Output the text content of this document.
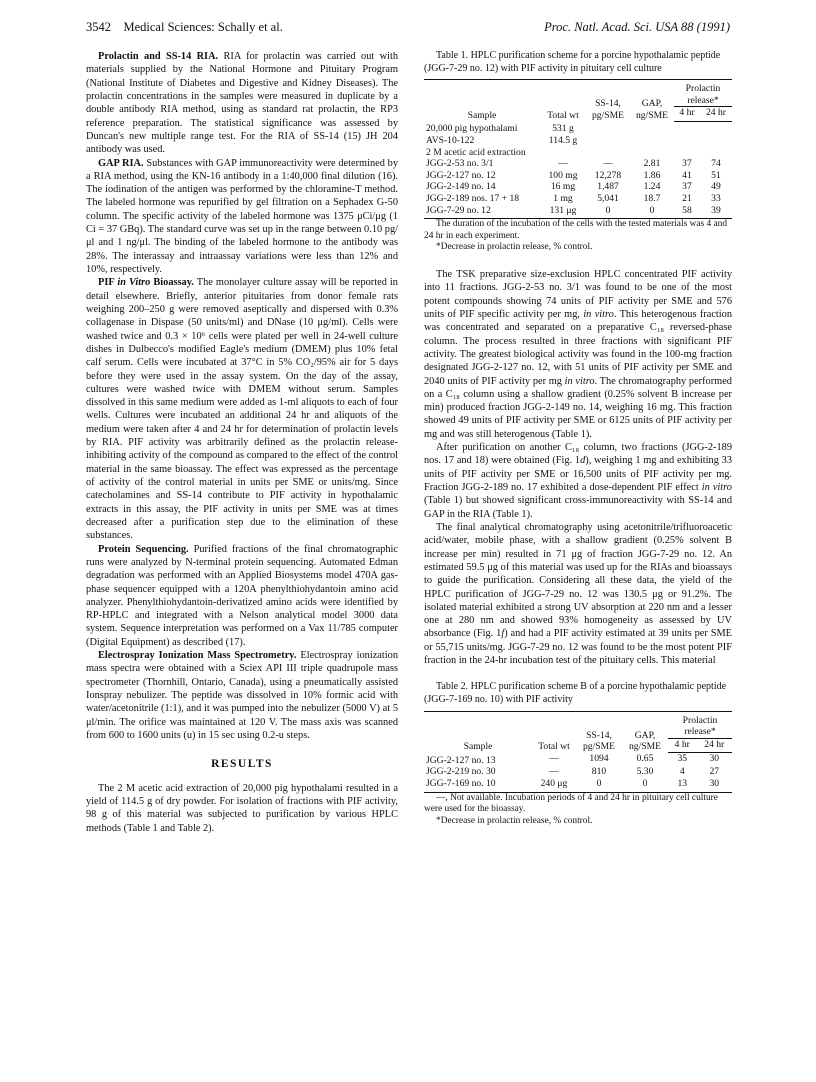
3542    Medical Sciences: Schally et al.	Proc. Natl. Acad. Sci. USA 88 (1991)

Prolactin and SS-14 RIA. RIA for prolactin was carried out with materials supplied by the National Hormone and Pituitary Program (National Institute of Diabetes and Digestive and Kidney Diseases). The prolactin concentrations in the samples were measured in duplicate by a double antibody RIA method, using as standard rat prolactin, the RP3 reference preparation. The statistical significance was assessed by Duncan's new multiple range test. For the RIA of SS-14 (15) JH 204 antibody was used.

GAP RIA. Substances with GAP immunoreactivity were determined by a RIA method, using the KN-16 antibody in a 1:40,000 final dilution (16). The iodination of the antigen was performed by the chloramine-T method. The labeled hormone was repurified by gel filtration on a Sephadex G-50 column. The specific activity of the labeled hormone was 1375 μCi/μg (1 Ci = 37 GBq). The standard curve was set up in the range between 0.10 pg/μl and 1 ng/μl. The binding of the labeled hormone to the antibody was 28%. The interassay and intraassay variations were less than 12% and 10%, respectively.

PIF in Vitro Bioassay. The monolayer culture assay will be reported in detail elsewhere. Briefly, anterior pituitaries from donor female rats weighing 200–250 g were removed aseptically and dispersed with 0.3% collagenase in Dispase (50 units/ml) and DNase (10 μg/ml). Cells were washed twice and 0.3 × 10⁶ cells were plated per well in 24-well culture dishes in Dulbecco's modified Eagle's medium (DMEM) plus 10% fetal calf serum. Cells were incubated at 37°C in 5% CO₂/95% air for 5 days before they were used in the assay system. On the day of the assay, cultures were washed twice with DMEM without serum. Samples dissolved in this same medium were added as 1-ml aliquots to each of four wells. Cultures were incubated an additional 24 hr and aliquots of the medium were taken after 4 and 24 hr for determination of prolactin levels by RIA. PIF activity was arbitrarily defined as the prolactin release-inhibiting activity of the compound as compared to the effect of the control material in the same bioassay. The effect was expressed as the percentage of activity of the control material in units per SME or units/mg. Since catecholamines and SS-14 contribute to PIF activity in hypothalamic extracts in this assay, the PIF activity in units per SME was at times decreased after a purification step due to the elimination of these substances.

Protein Sequencing. Purified fractions of the final chromatographic runs were analyzed by N-terminal protein sequencing. Automated Edman degradation was performed with an Applied Biosystems model 470A gas-phase sequencer equipped with a 120A phenylthiohydantoin amino acid analyzer. Phenylthiohydantoin-derivatized amino acids were identified by RP-HPLC and integrated with a Nelson analytical model 3000 data system. Sequence interpretation was performed on a Vax 11/785 computer (Digital Equipment) as described (17).

Electrospray Ionization Mass Spectrometry. Electrospray ionization mass spectra were obtained with a Sciex API III triple quadrupole mass spectrometer (Thornhill, Ontario, Canada), using a pneumatically assisted Ionspray nebulizer. The peptide was dissolved in 10% formic acid with water/acetonitrile (1:1), and it was pumped into the nebulizer (5000 V) at 5 μl/min. The orifice was maintained at 120 V. The mass axis was scanned from 600 to 1600 units (u) in 15 sec using 0.2-u steps.

RESULTS

The 2 M acetic acid extraction of 20,000 pig hypothalami resulted in a yield of 114.5 g of dry powder. For isolation of fractions with PIF activity, 98 g of this material was subjected to purification by various HPLC methods (Table 1 and Table 2).

Table 1. HPLC purification scheme for a porcine hypothalamic peptide (JGG-7-29 no. 12) with PIF activity in pituitary cell culture

Sample	Total wt	SS-14, pg/SME	GAP, ng/SME	Prolactin release*	
				4 hr	24 hr
20,000 pig hypothalami	531 g				
AVS-10-122	114.5 g				
2 M acetic acid extraction					
JGG-2-53 no. 3/1	—	—	2.81	37	74
JGG-2-127 no. 12	100 mg	12,278	1.86	41	51
JGG-2-149 no. 14	16 mg	1,487	1.24	37	49
JGG-2-189 nos. 17 + 18	1 mg	5,041	18.7	21	33
JGG-7-29 no. 12	131 μg	0	0	58	39

The duration of the incubation of the cells with the tested materials was 4 and 24 hr in each experiment.

*Decrease in prolactin release, % control.

The TSK preparative size-exclusion HPLC concentrated PIF activity into 11 fractions. JGG-2-53 no. 3/1 was found to be one of the most potent compounds showing 74 units of PIF activity per SME and 576 units of PIF specific activity per mg, in vitro. This heterogenous fraction was concentrated and separated on a preparative C₁₈ reversed-phase column. The process resulted in three fractions with significant PIF activity. The greatest biological activity was found in the 100-mg fraction designated JGG-2-127 no. 12, with 51 units of PIF activity per SME and 2040 units of PIF activity per mg in vitro. The chromatography performed on a C₁₈ column using a shallow gradient (0.25% solvent B increase per min) produced fraction JGG-2-149 no. 14, weighing 16 mg. This fraction showed 49 units of PIF activity per SME or 6125 units of PIF activity per mg and was still heterogenous (Table 1).

After purification on another C₁₈ column, two fractions (JGG-2-189 nos. 17 and 18) were obtained (Fig. 1d), weighing 1 mg and exhibiting 33 units of PIF activity per SME or 16,500 units of PIF activity per mg. Fraction JGG-2-189 no. 17 exhibited a dose-dependent PIF effect in vitro (Table 1) but showed significant cross-immunoreactivity with SS-14 and GAP in the RIA (Table 1).

The final analytical chromatography using acetonitrile/trifluoroacetic acid/water, mobile phase, with a shallow gradient (0.25% solvent B increase per min) resulted in 71 μg of fraction JGG-7-29 no. 12. An estimated 59.5 μg of this material was used up for the RIAs and bioassays to guide the purification. Considering all these data, the yield of the HPLC purification of JGG-7-29 no. 12 was 130.5 μg or 91.2%. The isolated material exhibited a strong UV absorption at 220 nm and a lesser one at 280 nm and showed 93% homogeneity as assessed by UV absorbance (Fig. 1f) and had a PIF activity estimated at 39 units per SME or 55,715 units/mg. JGG-7-29 no. 12 was found to be the most potent PIF fraction in the 24-hr incubation test of the pituitary cells. This material

Table 2. HPLC purification scheme B of a porcine hypothalamic peptide (JGG-7-169 no. 10) with PIF activity

Sample	Total wt	SS-14, pg/SME	GAP, ng/SME	Prolactin release*	
				4 hr	24 hr
JGG-2-127 no. 13	—	1094	0.65	35	30
JGG-2-219 no. 30	—	810	5.30	4	27
JGG-7-169 no. 10	240 μg	0	0	13	30

—, Not available. Incubation periods of 4 and 24 hr in pituitary cell culture were used for the bioassay.

*Decrease in prolactin release, % control.
